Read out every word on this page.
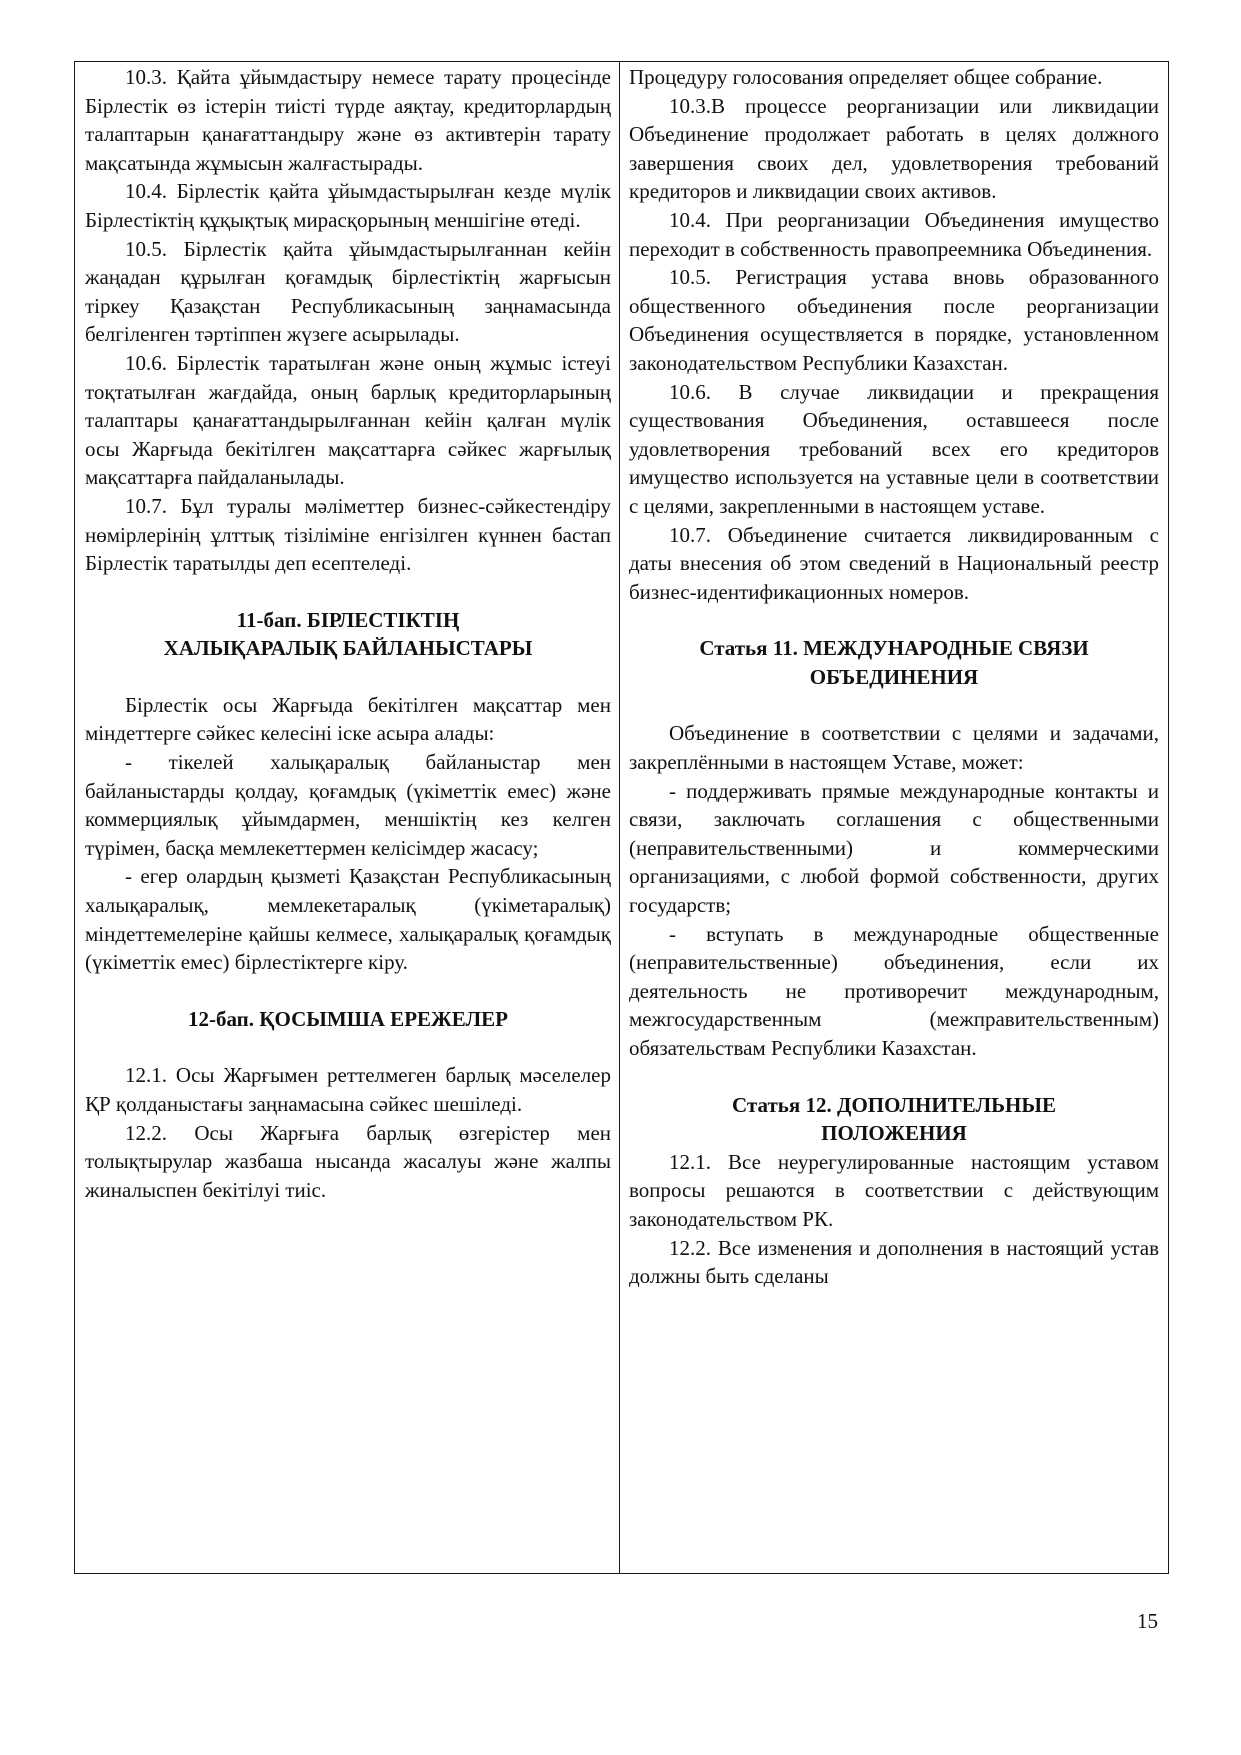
10.3. Қайта ұйымдастыру немесе тарату процесінде Бірлестік өз істерін тиісті түрде аяқтау, кредиторлардың талаптарын қанағаттандыру және өз активтерін тарату мақсатында жұмысын жалғастырады.

10.4. Бірлестік қайта ұйымдастырылған кезде мүлік Бірлестіктің құқықтық мирасқорының меншігіне өтеді.

10.5. Бірлестік қайта ұйымдастырылғаннан кейін жаңадан құрылған қоғамдық бірлестіктің жарғысын тіркеу Қазақстан Республикасының заңнамасында белгіленген тәртіппен жүзеге асырылады.

10.6. Бірлестік таратылған және оның жұмыс істеуі тоқтатылған жағдайда, оның барлық кредиторларының талаптары қанағаттандырылғаннан кейін қалған мүлік осы Жарғыда бекітілген мақсаттарға сәйкес жарғылық мақсаттарға пайдаланылады.

10.7. Бұл туралы мәліметтер бизнес-сәйкестендіру нөмірлерінің ұлттық тізіліміне енгізілген күннен бастап Бірлестік таратылды деп есептеледі.

11-бап. БІРЛЕСТІКТІҢ

ХАЛЫҚАРАЛЫҚ БАЙЛАНЫСТАРЫ

Бірлестік осы Жарғыда бекітілген мақсаттар мен міндеттерге сәйкес келесіні іске асыра алады:

- тікелей халықаралық байланыстар мен байланыстарды қолдау, қоғамдық (үкіметтік емес) және коммерциялық ұйымдармен, меншіктің кез келген түрімен, басқа мемлекеттермен келісімдер жасасу;

- егер олардың қызметі Қазақстан Республикасының халықаралық, мемлекетаралық (үкіметаралық) міндеттемелеріне қайшы келмесе, халықаралық қоғамдық (үкіметтік емес) бірлестіктерге кіру.

12-бап. ҚОСЫМША ЕРЕЖЕЛЕР

12.1. Осы Жарғымен реттелмеген барлық мәселелер ҚР қолданыстағы заңнамасына сәйкес шешіледі.

12.2. Осы Жарғыға барлық өзгерістер мен толықтырулар жазбаша нысанда жасалуы және жалпы жиналыспен бекітілуі тиіс.

Процедуру голосования определяет общее собрание.

10.3.В процессе реорганизации или ликвидации Объединение продолжает работать в целях должного завершения своих дел, удовлетворения требований кредиторов и ликвидации своих активов.

10.4. При реорганизации Объединения имущество переходит в собственность правопреемника Объединения.

10.5. Регистрация устава вновь образованного общественного объединения после реорганизации Объединения осуществляется в порядке, установленном законодательством Республики Казахстан.

10.6. В случае ликвидации и прекращения существования Объединения, оставшееся после удовлетворения требований всех его кредиторов имущество используется на уставные цели в соответствии с целями, закрепленными в настоящем уставе.

10.7. Объединение считается ликвидированным с даты внесения об этом сведений в Национальный реестр бизнес-идентификационных номеров.

Статья 11. МЕЖДУНАРОДНЫЕ СВЯЗИ

ОБЪЕДИНЕНИЯ

Объединение в соответствии с целями и задачами, закреплёнными в настоящем Уставе, может:

- поддерживать прямые международные контакты и связи, заключать соглашения с общественными (неправительственными) и коммерческими организациями, с любой формой собственности, других государств;

- вступать в международные общественные (неправительственные) объединения, если их деятельность не противоречит международным, межгосударственным (межправительственным) обязательствам Республики Казахстан.

Статья 12. ДОПОЛНИТЕЛЬНЫЕ

ПОЛОЖЕНИЯ

12.1. Все неурегулированные настоящим уставом вопросы решаются в соответствии с действующим законодательством РК.

12.2. Все изменения и дополнения в настоящий устав должны быть сделаны

15
